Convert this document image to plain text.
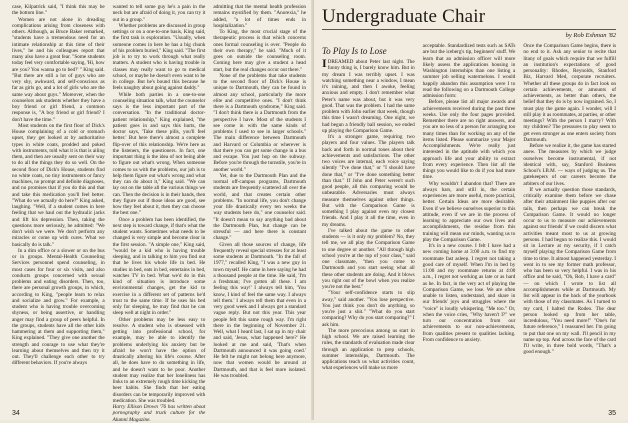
case, Kilpatrick said, "I think this may be the bottom line."

Women are not alone in dreading complications arising from closeness with others. Although, as Bruce Baker remarked, "students have a tremendous need for an intimate relationship at this time of their lives," he and his colleagues report that many also have a great fear. "Some students today feel very comfortable saying, 'Hi, how are you? You wanna go to bed?' " King said. "But there are still a lot of guys who are very shy, awkward, and self-conscious as far as girls go, and a lot of girls who are the same way about guys." Moreover, when the counselors ask students whether they have a boy friend or girl friend, a common response is, "A boy friend or girl friend? I don't have the time."

Most students on the first floor of Dick's House complaining of a cold or stomach upset, they get looked at by authoritative types in white coats, prodded and poked with instruments, told what it is that is ailing them, and then are usually sent on their way to do all the things they do so well. On the second floor of Dick's House, students find no white coats, no tiny instruments or fancy machines, no prompt and definite diagnoses, and no promises that if you do this and that and take this medication you'll feel better. "What do we actually do here?" King asked, laughing. "Well, if a student comes in here feeling that we haul out the hydraulic jacks and lift his depression. Then, taking the questions more seriously, he admitted: "We don't wish we were. We don't perform any miracles or come up with cures. What we basically do is talk."

In a dim office or a slower or on the bus or in groups. Mental-Health Counseling Services personnel spend counseling, in most cases for four or six visits, and also conducts groups concerned with sexual problems and eating disorders. Then, too, there are personal growth groups, in which, according to King, "people learn to relax and socialize and grow." For example, a student who is having trouble overcoming shyness, or being assertive, or handling anger may find a group of peers helpful. In the groups, students have all the other kids hammering at them and supporting them," King explained. "They give one another the strength and courage to use what they're learning about themselves and then try it out. They'll challenge each other to try different behaviors. If you're always

wanted to tell some guy he's a pain in the neck but are afraid of doing it, you can try it out in a group."

Whether problems are discussed in group settings or on a one-to-one basis, King said, the first task is exploration. "Usually, when someone comes in here he has a big chunk of his problem buried," King said. "The first job is to try to work through what really matters. A student who is having trouble in classes may really want to go to medical school, or maybe he doesn't even want to be in college. But he's bound this because he feels naughty about going against daddy."

While both parties in a one-to-one counseling situation talk, what the counselor says is the less important part of the conversation. "In the traditional doctor-patient relationship," King explained, "the patient goes in and says this hurts, the doctor says, 'Take these pills, you'll feel better.' But here there's almost a complete flip-over of this relationship. We're here as the listeners, the questioners. In fact, one important thing is the idea of not being able to figure out what's wrong. When someone comes to us with the problems, our job is to help them figure out what's wrong and what they can do about it," King said. "We can lay out on the table all the various things we can. Then the decision is in their hands, then they figure out if those ideas are good, see how they feel about it, then they can choose the best one."

Once a problem has been identified, the next step is toward change, if that's what the student wants. Sometimes what needs to be changed is very simple and become clear in the first session. "A simple one," King said, "would be a kid who is having trouble sleeping, and in talking to him you find out that he lives his whole life in bed. He studies in bed, eats in bed, entertains in bed, watches TV in bed. What we'd do in this kind of situation is introduce some environmental changes, get the kid to exercise in a different set of patterns he'd trust to the same time. If he uses his bed only for sleeping, he may find that he can sleep well at night in order."

Other problems may be less easy to resolve. A student who is obsessed with getting into professional school, for example, may be able to identify the problems underlying his anxiety but be afraid he won't have the option of drastically altering his life's course. After all, he does have to do something in life, and he doesn't want to be poor. Another student may realize that her loneliness has links to an extremely rough time kicking the beer habits. She finds that her eating disorders can be temporarily improved with medication. She was troubled.

Harry Ellison Drown '76 has written about pornography and truck culture for the Alumni Magazine.

admitting that the mental health profession remains mystified by them. "Anorexia," he added, "a lot of times ends in hospitalization."

To King, the most crucial stage of the therapeutic process is that which concerns ones formal counseling is over. "People do their own therapy," he said. "Much of it goes on outside the counseling room. Coming here may give a student a head start, but the real changes occur out there."

None of the problems that take students to the second floor of Dick's House is unique to Dartmouth, they can be found in almost any school, particularly the more elite and competitive ones. "I don't think there is a Dartmouth syndrome," King said. "I don't think there is a Dartmouth from the perspective I have. Most of the students I see come in with the same kinds of problems I used to see in larger schools." The main difference between Dartmouth and Harvard or Columbia or wherever is that there you can get some change in a bus and escape. You just hop on the subway. Before you're through the turnstile, you're in another world."

Yet, due to the Dartmouth Plan and the normal off-campus programs, Dartmouth students are frequently scattered all over the world, and that creates certain other problems. "In normal life, you don't change your life drastically every ten weeks the way students here do," one counselor said. "It doesn't mean to say anything bad about the Dartmouth Plan, but change can be stressful — and here there is constant change."

Given all those sources of change, life frequently reveal special stresses for at least some students at Dartmouth. "In the fall of 1977," recalled King, "I was a new guy in town myself. He came in here saying he had a thousand people at the time. He said, 'I'm a freshman; I've gotten all these. I am feeling this way!' I always tell him, 'You know, I kind of feel the same way. I always tell them.' I always tell them that even in a very good week and I always get a standard vague reply. But not this year. This year people felt this same rough way. I'm right there in the beginning of November 21. Well, what I heard last, I sat up in my chair and said, 'Jesus, what happened here?' He looked at me and said, 'That's when Dartmouth announced it was going coed.' He felt he might not belong here anymore, now that women would be around at Dartmouth, and that is feel more isolated. He was troubled.

34
Undergraduate Chair
by Rob Eshman '82
To Play Is to Lose

I DREAMED about Peter last night. The funny thing is, I barely know him. But in my dream I was terribly upset. I was watching something near a window, I mean it's raining, and then I awoke, feeling anxious and empty. I don't remember what Peter's name was about, but it was very good. That was the problem. I had the same problem with John earlier that week, though this time I wasn't dreaming. One night, we had begun a friendly ball session, we ended up playing the Comparison Game.

It's a stronger game, requiring two players and four values. The players talk back and forth in normal tones about their achievements and satisfactions. The other two voices are internal, each voice saying silently "I've done that," or "I should have done that," or "I've done something better than that." If John and Peter weren't such good people, all this comparing would be unbearable. Adversaries must always measure themselves against other things. But with the Comparison Game is something I play against even my closest friends. And I play it all the time, even in my dreams.

I've talked about the game to other students — is it only my problem? No, they tell me, we all play the Comparison Game to one degree or another. "All through high school you're at the top of your class," said one classmate, "then you come to Dartmouth and you start seeing what all these other students are doing. And it blows you right out of the bowl when you realize you're not the best."

"Your self-confidence starts to slip away," said another. "You lose perspective. You just think you don't do anything, so you're just a shit." "What do you start comparing? Why do you start comparing?" I ask him.

The more precocious among us start in high school. We are raised learning the rules, the standards of evaluation made clear through an application to prep schools, summer internships, Dartmouth. The applications teach us what activities count, what experiences will make us more

acceptable. Standardized tests such as SATs are but the iceberg's tip, beginners' stuff. We learn that an admission officer will more likely assess the applications housing in Washington internships than one listing a summer job selling watermelons. I would happily abandon this assumption were I to read the following on a Dartmouth College admission form:

Before, please list all major awards and achievements received during the past three weeks. Use only the four pages provided. Remember there are no right answers, and you are no less of a person for arranging too many times than for working on any of the items listed. Please summarize your Major Accomplishments. We're really just interested in the aptitude with which you approach life and your ability to extract from every experience. Then list all the things you would like to do if you had more time.

Why wouldn't I abandon that? There are always bars, and still in, the certain experiences are more useful, more practical, better. Certain Ideas are more desirable. Even if we believe ourselves superior to this attitude, even if we are in the process of learning to appreciate our own lives and accomplishments, the residue from this training will mean our minds, wanting us to play the Comparison Game.

It's in a new course. I felt I have had a new coming home at 3:00 a.m. to find my roommate fast asleep. I regret not taking a good care of myself. When I'm in bed by 11:00 and my roommate returns at 4:00 a.m., I regret not working as late or as hard as he. In fact, in the very act of playing the Comparison Game, we lose. We are often unable to listen, understand, and share in our friends' joys and struggles where the "voice" is loudly whispering, "Me too." Or, when the voice cries, "Why haven't I?" we turn our concentration from our achievements to our non-achievements, from qualities present to qualities lacking. From confidence to anxiety.

Once the Comparison Game begins, there is no end to it. Ask any senior to recite that litany of goals which require that we fulfill an institution's expectations of good personality: Rhodes, Reynolds, Stanford Biz, Harvard Med, corporate recruiters. Whether all these groups do in fact look on certain achievements, or amounts of achievements, as better than others, the belief that they do is by now ingrained. So, I must play the game again. I wonder, will I still play it as roommates, at parties, or other meetings? With the person I marry? With my children? The pressures to play seem to get even stronger as one enters society from Dartmouth.

Before we realize it, the game has started anew. The measures by which we judge ourselves become instrumental, if not identical with, say, Stanford Business School's I.B.M. — ways of judging us. The gatekeepers of our careers become the arbiters of our lives.

If we actually question those standards, critically examine them before we chase after their attainment like puppies after our tails, then perhaps we can break the Comparison Game. It would no longer occur to us to measure our achievements against our friends' if we could discern what activities meant most to us at growing persons. I had begun to realize this. I would sit in Lecture at my security, if I catch myself playing the Comparison Game from time to time. It almost happened yesterday. I went in to see my former math professor, who has been so very helpful. I was in his office and he said, "Oh, Rob, I have a card" — on which I wrote to list all accomplishments while at Dartmouth. My list will appear in the back of the yearbook with those of my classmates. As I turned to my card, I halted the Rodeo. The dear person looked up from her table, incredulous, "You need more!" "One's for future reference," I reassured her. I'm going to put that one on my wall. I'll pencil in my name up top. And across the face of the card I'll write, in three bold words, "That's a good enough."

35
